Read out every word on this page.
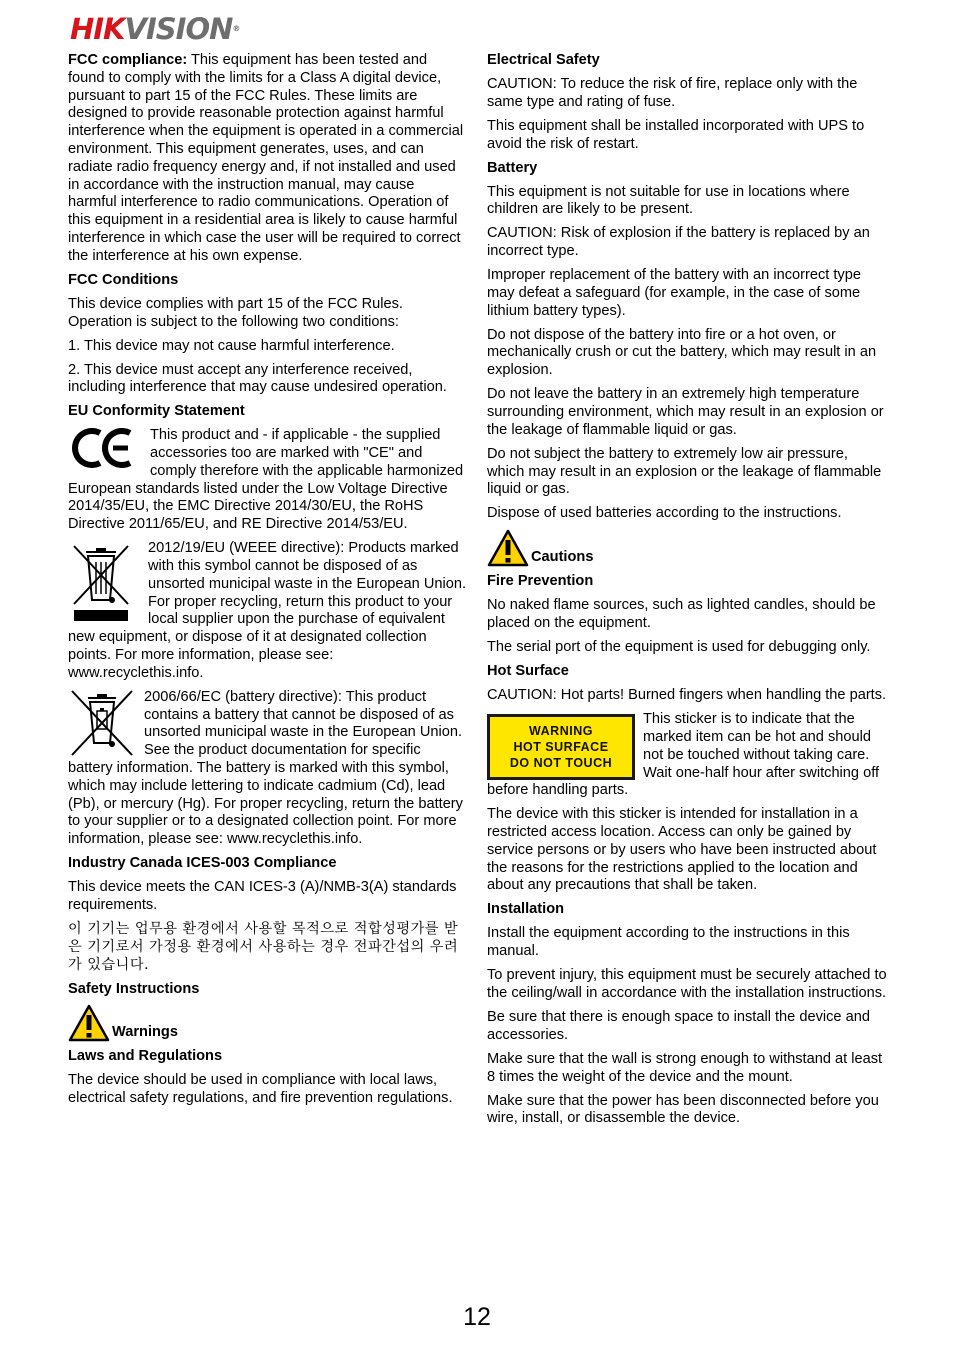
HIKVISION®

FCC compliance: This equipment has been tested and found to comply with the limits for a Class A digital device, pursuant to part 15 of the FCC Rules. These limits are designed to provide reasonable protection against harmful interference when the equipment is operated in a commercial environment. This equipment generates, uses, and can radiate radio frequency energy and, if not installed and used in accordance with the instruction manual, may cause harmful interference to radio communications. Operation of this equipment in a residential area is likely to cause harmful interference in which case the user will be required to correct the interference at his own expense.

FCC Conditions

This device complies with part 15 of the FCC Rules. Operation is subject to the following two conditions:

1. This device may not cause harmful interference.

2. This device must accept any interference received, including interference that may cause undesired operation.

EU Conformity Statement

This product and - if applicable - the supplied accessories too are marked with "CE" and comply therefore with the applicable harmonized European standards listed under the Low Voltage Directive 2014/35/EU, the EMC Directive 2014/30/EU, the RoHS Directive 2011/65/EU, and RE Directive 2014/53/EU.

2012/19/EU (WEEE directive): Products marked with this symbol cannot be disposed of as unsorted municipal waste in the European Union. For proper recycling, return this product to your local supplier upon the purchase of equivalent new equipment, or dispose of it at designated collection points. For more information, please see: www.recyclethis.info.

2006/66/EC (battery directive): This product contains a battery that cannot be disposed of as unsorted municipal waste in the European Union. See the product documentation for specific battery information. The battery is marked with this symbol, which may include lettering to indicate cadmium (Cd), lead (Pb), or mercury (Hg). For proper recycling, return the battery to your supplier or to a designated collection point. For more information, please see: www.recyclethis.info.

Industry Canada ICES-003 Compliance

This device meets the CAN ICES-3 (A)/NMB-3(A) standards requirements.

이 기기는 업무용 환경에서 사용할 목적으로 적합성평가를 받은 기기로서 가정용 환경에서 사용하는 경우 전파간섭의 우려가 있습니다.

Safety Instructions
Warnings
Laws and Regulations

The device should be used in compliance with local laws, electrical safety regulations, and fire prevention regulations.

Electrical Safety

CAUTION: To reduce the risk of fire, replace only with the same type and rating of fuse.

This equipment shall be installed incorporated with UPS to avoid the risk of restart.

Battery

This equipment is not suitable for use in locations where children are likely to be present.

CAUTION: Risk of explosion if the battery is replaced by an incorrect type.

Improper replacement of the battery with an incorrect type may defeat a safeguard (for example, in the case of some lithium battery types).

Do not dispose of the battery into fire or a hot oven, or mechanically crush or cut the battery, which may result in an explosion.

Do not leave the battery in an extremely high temperature surrounding environment, which may result in an explosion or the leakage of flammable liquid or gas.

Do not subject the battery to extremely low air pressure, which may result in an explosion or the leakage of flammable liquid or gas.

Dispose of used batteries according to the instructions.

Cautions
Fire Prevention

No naked flame sources, such as lighted candles, should be placed on the equipment.

The serial port of the equipment is used for debugging only.

Hot Surface

CAUTION: Hot parts! Burned fingers when handling the parts.

WARNING
HOT SURFACE
DO NOT TOUCH
This sticker is to indicate that the marked item can be hot and should not be touched without taking care. Wait one-half hour after switching off before handling parts.

The device with this sticker is intended for installation in a restricted access location. Access can only be gained by service persons or by users who have been instructed about the reasons for the restrictions applied to the location and about any precautions that shall be taken.

Installation

Install the equipment according to the instructions in this manual.

To prevent injury, this equipment must be securely attached to the ceiling/wall in accordance with the installation instructions.

Be sure that there is enough space to install the device and accessories.

Make sure that the wall is strong enough to withstand at least 8 times the weight of the device and the mount.

Make sure that the power has been disconnected before you wire, install, or disassemble the device.

12
